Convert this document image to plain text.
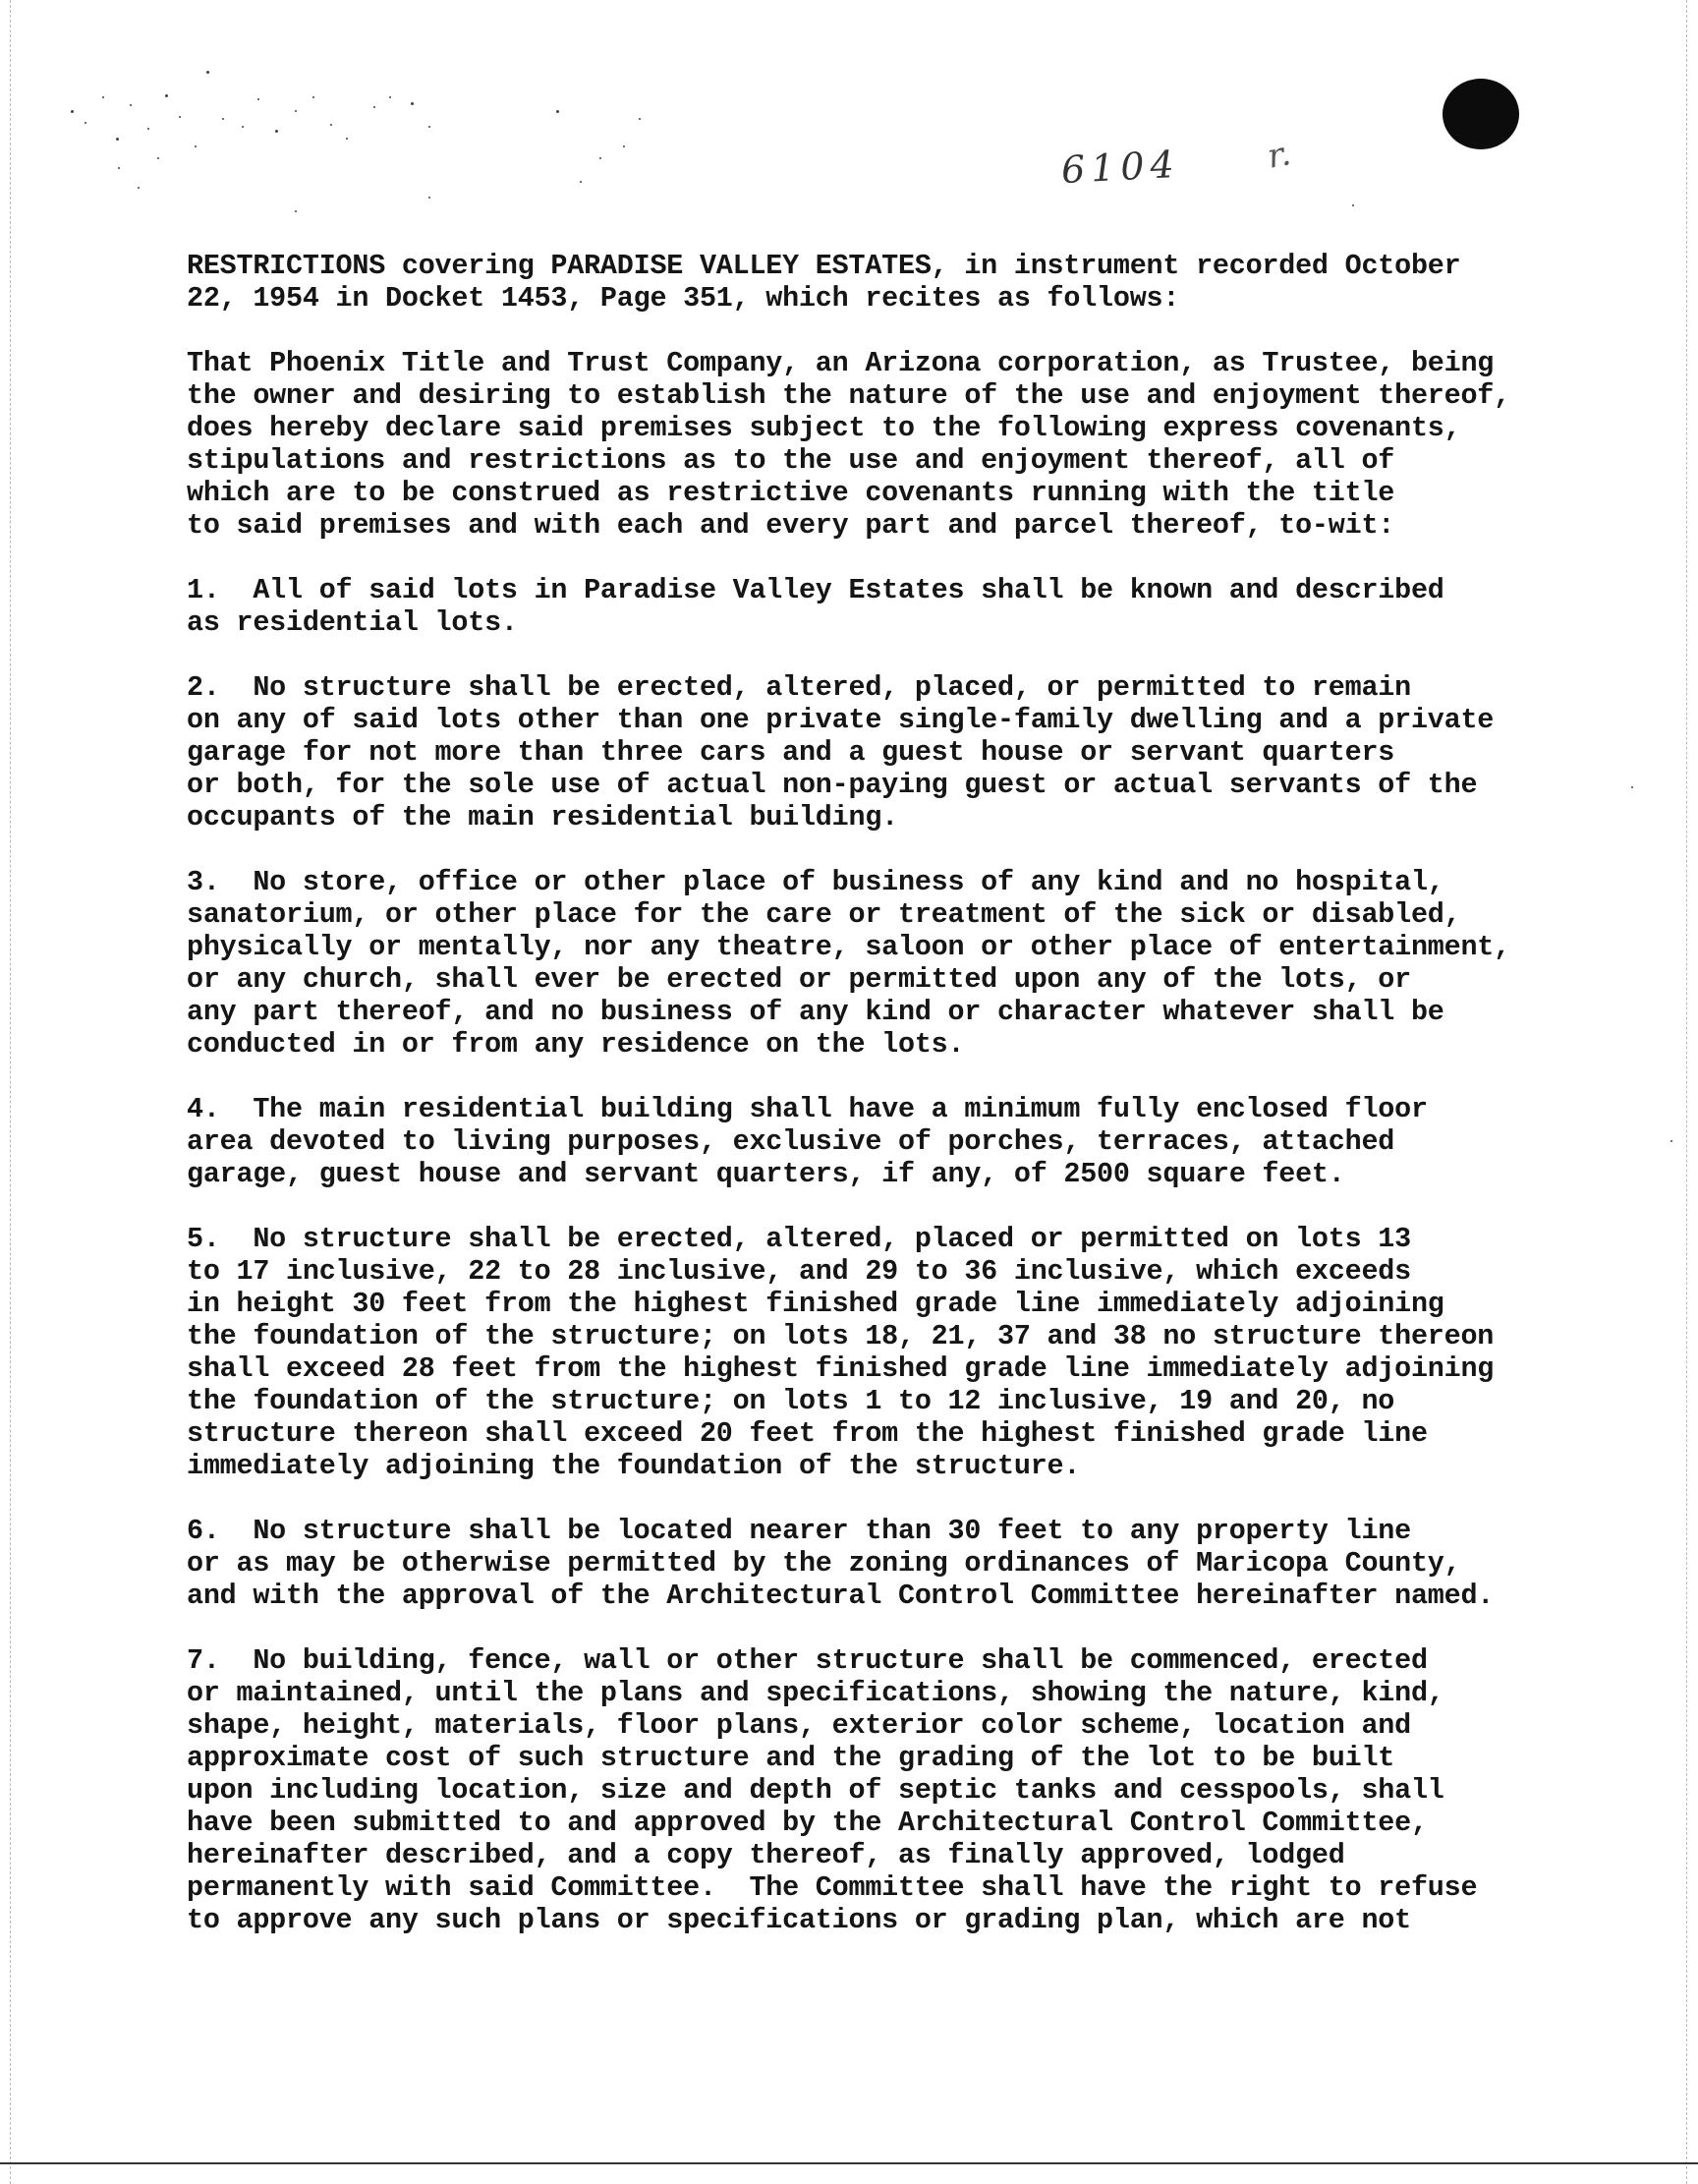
6104 r.
RESTRICTIONS covering PARADISE VALLEY ESTATES, in instrument recorded October
22, 1954 in Docket 1453, Page 351, which recites as follows:
That Phoenix Title and Trust Company, an Arizona corporation, as Trustee, being
the owner and desiring to establish the nature of the use and enjoyment thereof,
does hereby declare said premises subject to the following express covenants,
stipulations and restrictions as to the use and enjoyment thereof, all of
which are to be construed as restrictive covenants running with the title
to said premises and with each and every part and parcel thereof, to-wit:
1.  All of said lots in Paradise Valley Estates shall be known and described
as residential lots.
2.  No structure shall be erected, altered, placed, or permitted to remain
on any of said lots other than one private single-family dwelling and a private
garage for not more than three cars and a guest house or servant quarters
or both, for the sole use of actual non-paying guest or actual servants of the
occupants of the main residential building.
3.  No store, office or other place of business of any kind and no hospital,
sanatorium, or other place for the care or treatment of the sick or disabled,
physically or mentally, nor any theatre, saloon or other place of entertainment,
or any church, shall ever be erected or permitted upon any of the lots, or
any part thereof, and no business of any kind or character whatever shall be
conducted in or from any residence on the lots.
4.  The main residential building shall have a minimum fully enclosed floor
area devoted to living purposes, exclusive of porches, terraces, attached
garage, guest house and servant quarters, if any, of 2500 square feet.
5.  No structure shall be erected, altered, placed or permitted on lots 13
to 17 inclusive, 22 to 28 inclusive, and 29 to 36 inclusive, which exceeds
in height 30 feet from the highest finished grade line immediately adjoining
the foundation of the structure; on lots 18, 21, 37 and 38 no structure thereon
shall exceed 28 feet from the highest finished grade line immediately adjoining
the foundation of the structure; on lots 1 to 12 inclusive, 19 and 20, no
structure thereon shall exceed 20 feet from the highest finished grade line
immediately adjoining the foundation of the structure.
6.  No structure shall be located nearer than 30 feet to any property line
or as may be otherwise permitted by the zoning ordinances of Maricopa County,
and with the approval of the Architectural Control Committee hereinafter named.
7.  No building, fence, wall or other structure shall be commenced, erected
or maintained, until the plans and specifications, showing the nature, kind,
shape, height, materials, floor plans, exterior color scheme, location and
approximate cost of such structure and the grading of the lot to be built
upon including location, size and depth of septic tanks and cesspools, shall
have been submitted to and approved by the Architectural Control Committee,
hereinafter described, and a copy thereof, as finally approved, lodged
permanently with said Committee.  The Committee shall have the right to refuse
to approve any such plans or specifications or grading plan, which are not
